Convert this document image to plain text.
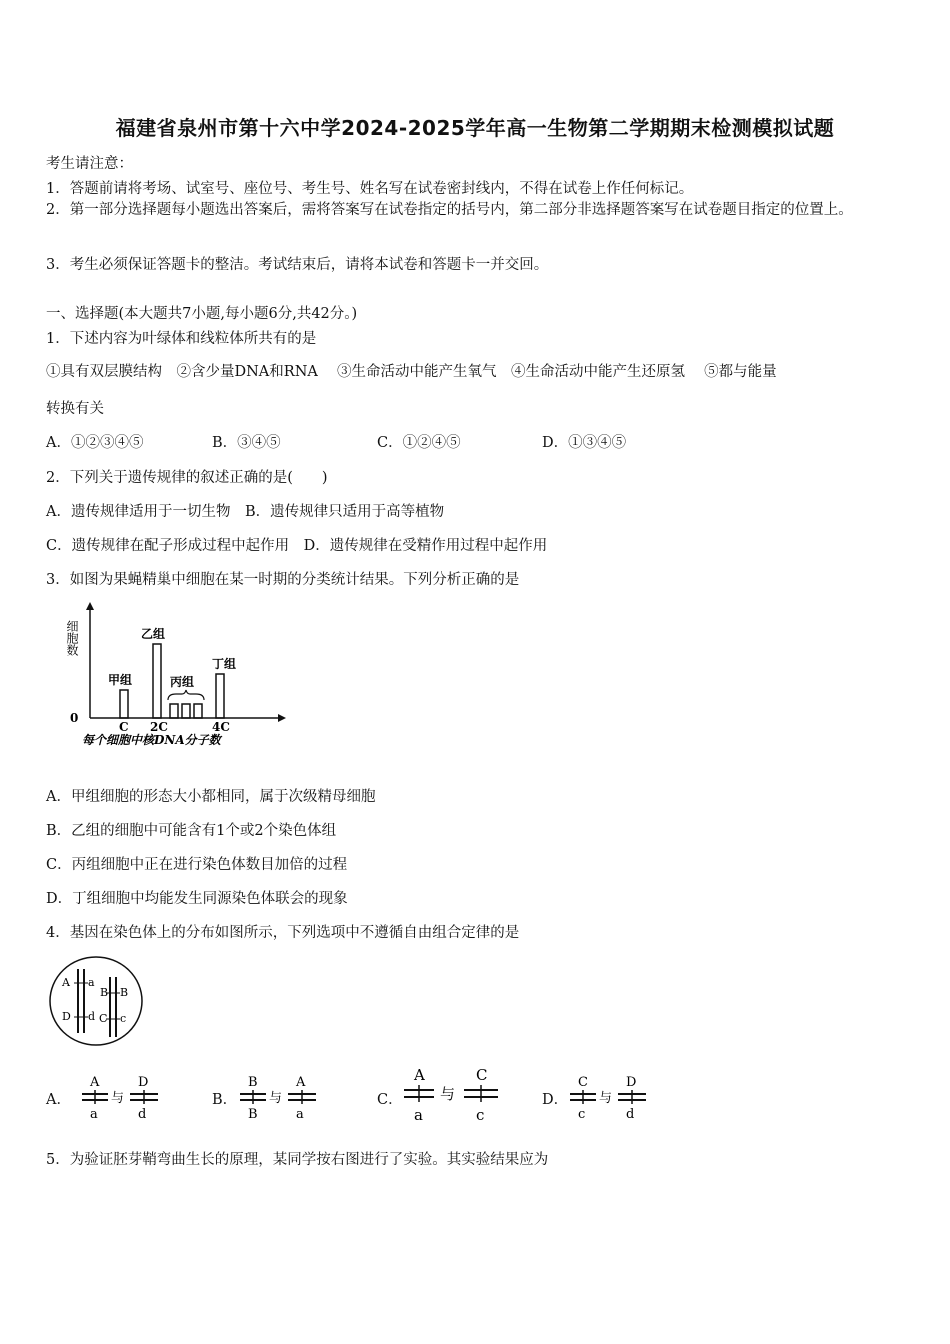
福建省泉州市第十六中学2024-2025学年高一生物第二学期期末检测模拟试题
考生请注意：
1．答题前请将考场、试室号、座位号、考生号、姓名写在试卷密封线内，不得在试卷上作任何标记。
2．第一部分选择题每小题选出答案后，需将答案写在试卷指定的括号内，第二部分非选择题答案写在试卷题目指定的位置上。
3．考生必须保证答题卡的整洁。考试结束后，请将本试卷和答题卡一并交回。
一、选择题(本大题共7小题,每小题6分,共42分。)
1．下述内容为叶绿体和线粒体所共有的是
①具有双层膜结构　②含少量DNA和RNA　 ③生命活动中能产生氧气　④生命活动中能产生还原氢　 ⑤都与能量
转换有关
A．①②③④⑤	B．③④⑤	C．①②④⑤	D．①③④⑤
2．下列关于遗传规律的叙述正确的是(　　)
A．遗传规律适用于一切生物　B．遗传规律只适用于高等植物
C．遗传规律在配子形成过程中起作用　D．遗传规律在受精作用过程中起作用
3．如图为果蝇精巢中细胞在某一时期的分类统计结果。下列分析正确的是
细胞数
甲组
乙组
丙组
丁组
0
C 2C	4C
每个细胞中核DNA分子数
A．甲组细胞的形态大小都相同，属于次级精母细胞
B．乙组的细胞中可能含有1个或2个染色体组
C．丙组细胞中正在进行染色体数目加倍的过程
D．丁组细胞中均能发生同源染色体联会的现象
4．基因在染色体上的分布如图所示，下列选项中不遵循自由组合定律的是
A a
D d
B B
C c
A．
A
a
与
D
d
B．
B
B
与
A
a
C．
A
a
与
C
c
D．
C
c
与
D
d
5．为验证胚芽鞘弯曲生长的原理，某同学按右图进行了实验。其实验结果应为
